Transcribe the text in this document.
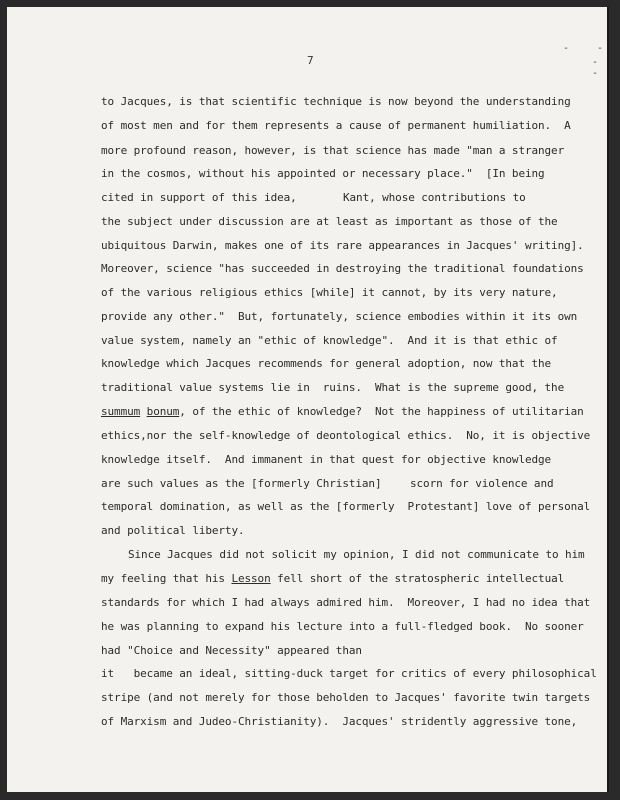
7
-	-
- -
to Jacques, is that scientific technique is now beyond the understanding
of most men and for them represents a cause of permanent humiliation.  A
more profound reason, however, is that science has made "man a stranger
in the cosmos, without his appointed or necessary place."  [In being
cited in support of this idea,	Kant, whose contributions to
the subject under discussion are at least as important as those of the
ubiquitous Darwin, makes one of its rare appearances in Jacques' writing].
Moreover, science "has succeeded in destroying the traditional foundations
of the various religious ethics [while] it cannot, by its very nature,
provide any other."  But, fortunately, science embodies within it its own
value system, namely an "ethic of knowledge".  And it is that ethic of
knowledge which Jacques recommends for general adoption, now that the
traditional value systems lie in  ruins.  What is the supreme good, the
summum bonum, of the ethic of knowledge?  Not the happiness of utilitarian
ethics,nor the self-knowledge of deontological ethics.  No, it is objective
knowledge itself.  And immanent in that quest for objective knowledge
are such values as the [formerly Christian]	scorn for violence and
temporal domination, as well as the [formerly  Protestant] love of personal
and political liberty.
Since Jacques did not solicit my opinion, I did not communicate to him
my feeling that his Lesson fell short of the stratospheric intellectual
standards for which I had always admired him.  Moreover, I had no idea that
he was planning to expand his lecture into a full-fledged book.  No sooner
had "Choice and Necessity" appeared than
it   became an ideal, sitting-duck target for critics of every philosophical
stripe (and not merely for those beholden to Jacques' favorite twin targets
of Marxism and Judeo-Christianity).  Jacques' stridently aggressive tone,
